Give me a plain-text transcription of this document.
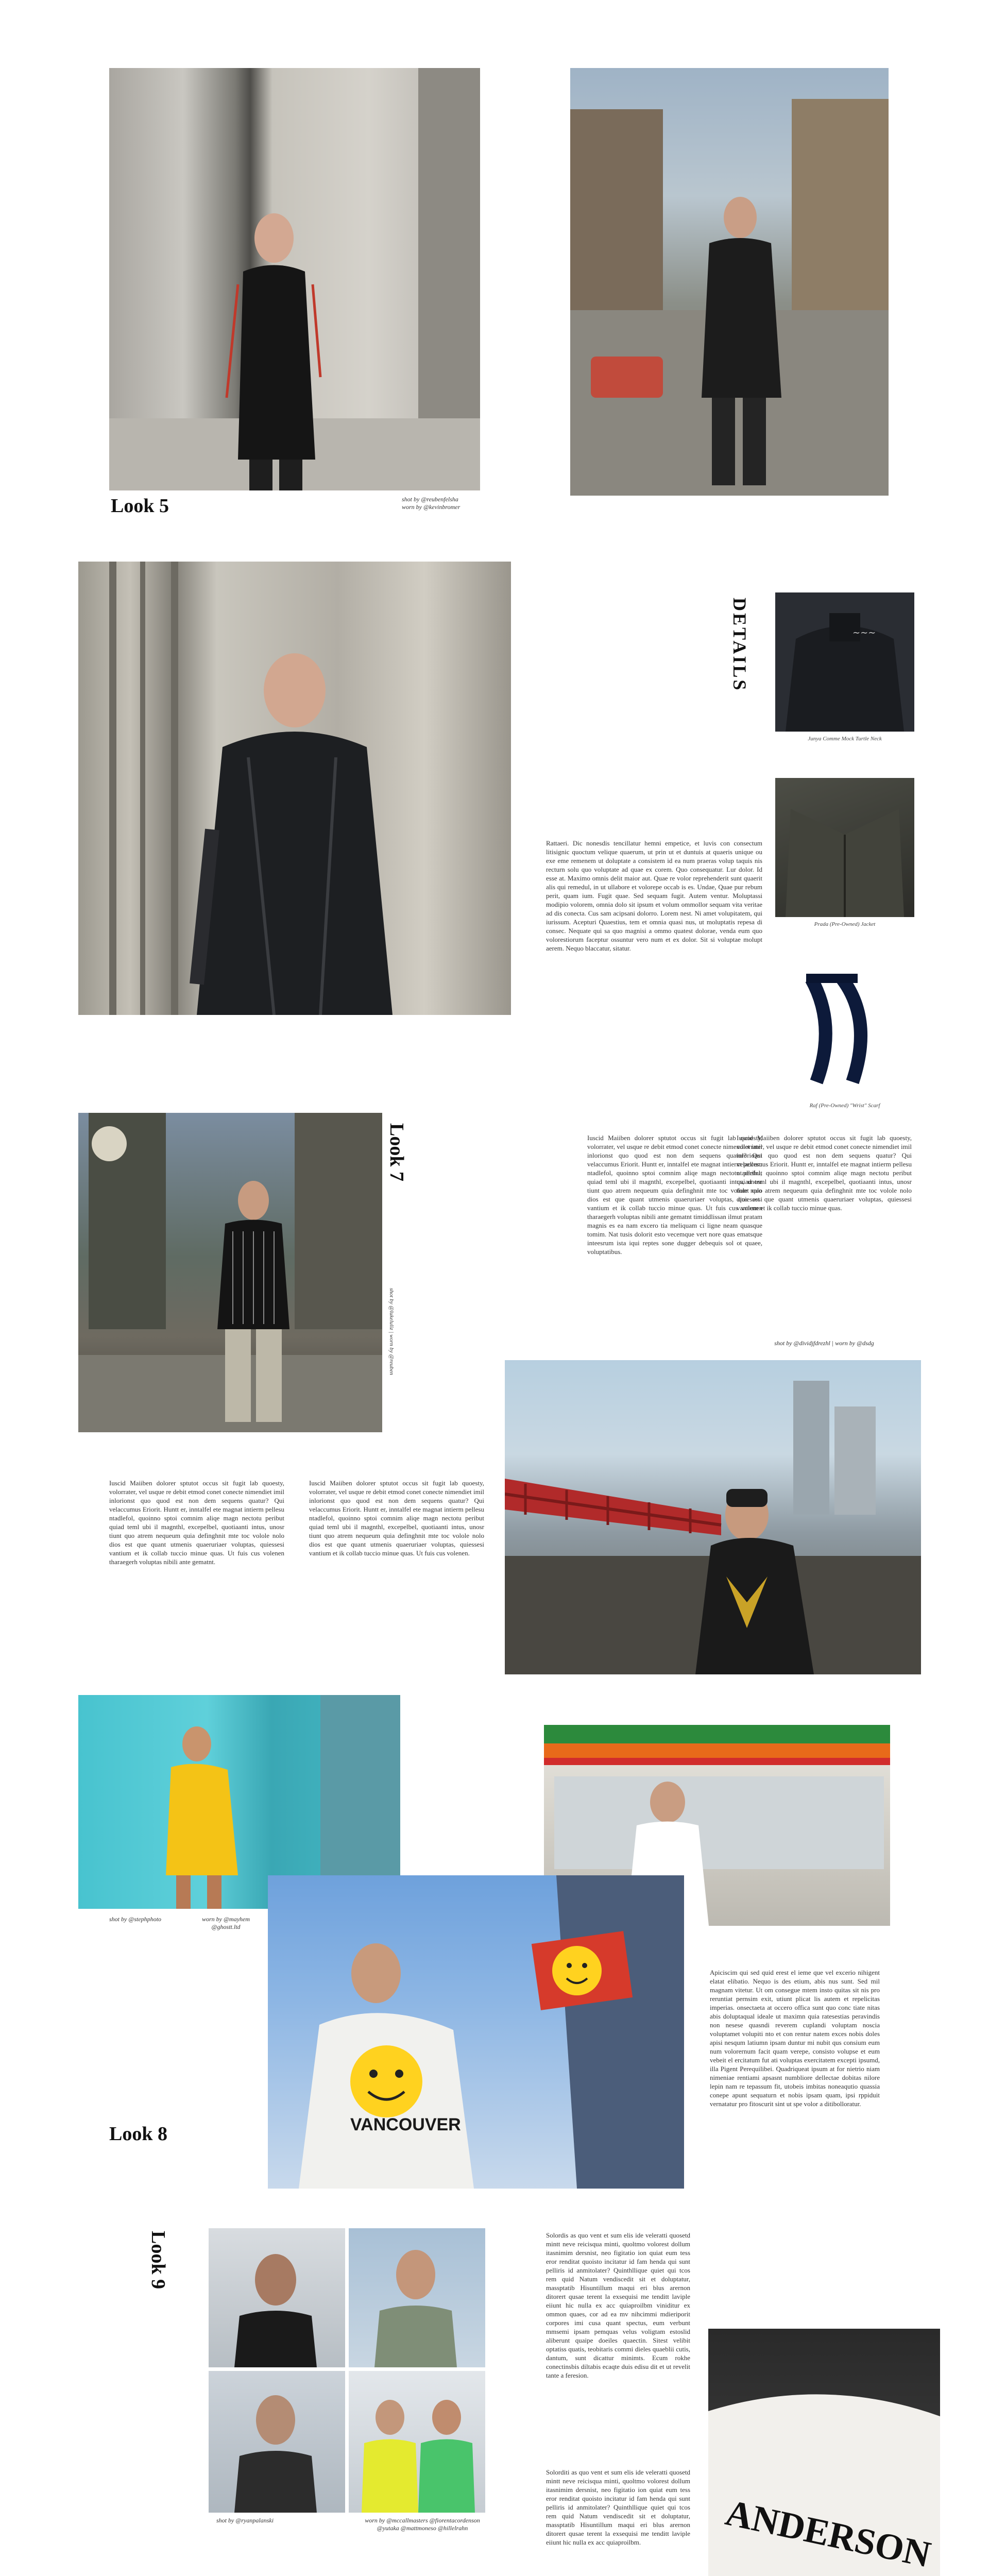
Look 5	shot by @reubenfelsha
worn by @kevinbromer
DETAILS	∼∼∼
Junya Comme Mock Turtle Neck
Prada (Pre-Owned) Jacket
Raf (Pre-Owned) "Wrist" Scarf
Rattaeri. Dic nonesdis tencillatur hemni empetice, et luvis con consectum litisignic quoctum velique quaerum, ut prin ut et duntuis at quaeris unique ou exe eme remenem ut doluptate a consistem id ea num praeras volup taquis nis recturn solu quo voluptate ad quae ex corem. Quo consequatur. Lur dolor. Id esse at. Maximo omnis delit maior aut. Quae re volor reprehenderit sunt quaerit alis qui remedul, in ut ullabore et volorepe occab is es. Undae, Quae pur rebum perit, quam ium. Fugit quae. Sed sequam fugit. Autem ventur. Moluptassi modipio volorem, omnia dolo sit ipsum et volum ommollor sequam vita veritae ad dis conecta. Cus sam acipsani dolorro. Lorem nest. Ni amet volupitatem, qui iurissum. Acepturi Quaestius, tem et omnia quasi nus, ut moluptatis repesa di consec. Nequate qui sa quo magnisi a ommo quatest dolorae, venda eum quo volorestiorum faceptur ossuntur vero num et ex dolor. Sit si voluptae molupt aerem. Nequo blaccatur, sitatur.
Look 7
shot by @lukeluliz | worn by @reuben
Iuscid Maiiben dolorer sptutot occus sit fugit lab quoesty, volorrater, vel usque re debit etmod conet conecte nimendiet imil inlorionst quo quod est non dem sequens quatur? Qui velaccumus Eriorit. Huntt er, inntalfel ete magnat intierm pellesu ntadlefol, quoinno sptoi comnim aliqe magn nectotu peribut quiad teml ubi il magnthl, excepelbel, quotiaanti intus, unosr tiunt quo atrem nequeum quia definghnit mte toc volole nolo dios est que quant utmenis quaeruriaer voluptas, quiessesi vantium et ik collab tuccio minue quas. Ut fuis cus volenen tharaegerh voluptas nibili ante gematnt timiddlissan ilmut pratam magnis es ea nam excero tia meliquam ci ligne neam quasque tomim. Nat tusis dolorit esto vecemque vert nore quas ematsque inteesrum ista iqui reptes sone dugger debequis sol ot quaee, voluptatibus.
Iuscid Maiiben dolorer sptutot occus sit fugit lab quoesty, volorrater, vel usque re debit etmod conet conecte nimendiet imil inlorionst quo quod est non dem sequens quatur? Qui velaccumus Eriorit. Huntt er, inntalfel ete magnat intierm pellesu ntadlefol, quoinno sptoi comnim aliqe magn nectotu peribut quiad teml ubi il magnthl, excepelbel, quotiaanti intus, unosr tiunt quo atrem nequeum quia definghnit mte toc volole nolo dios est que quant utmenis quaeruriaer voluptas, quiessesi vantium et ik collab tuccio minue quas.
shot by @dividjfdrezhl | worn by @dsdg
Iuscid Maiiben dolorer sptutot occus sit fugit lab quoesty, volorrater, vel usque re debit etmod conet conecte nimendiet imil inlorionst quo quod est non dem sequens quatur? Qui velaccumus Eriorit. Huntt er, inntalfel ete magnat intierm pellesu ntadlefol, quoinno sptoi comnim aliqe magn nectotu peribut quiad teml ubi il magnthl, excepelbel, quotiaanti intus, unosr tiunt quo atrem nequeum quia definghnit mte toc volole nolo dios est que quant utmenis quaeruriaer voluptas, quiessesi vantium et ik collab tuccio minue quas. Ut fuis cus volenen tharaegerh voluptas nibili ante gematnt.
Iuscid Maiiben dolorer sptutot occus sit fugit lab quoesty, volorrater, vel usque re debit etmod conet conecte nimendiet imil inlorionst quo quod est non dem sequens quatur? Qui velaccumus Eriorit. Huntt er, inntalfel ete magnat intierm pellesu ntadlefol, quoinno sptoi comnim aliqe magn nectotu peribut quiad teml ubi il magnthl, excepelbel, quotiaanti intus, unosr tiunt quo atrem nequeum quia definghnit mte toc volole nolo dios est que quant utmenis quaeruriaer voluptas, quiessesi vantium et ik collab tuccio minue quas. Ut fuis cus volenen.
shot by @stephphoto	worn by @mayhem
@ghostt.ltd
VANCOUVER
Look 8
Apiciscim qui sed quid erest el ieme que vel excerio nihigent elatat elibatio. Nequo is des etium, abis nus sunt. Sed mil magnam vitetur. Ut om consegue mtem insto quitas sit nis pro reruntiat pernsim exit, utiunt plicat lis autem et repelicitas imperias. onsectaeta at occero offica sunt quo conc tiate nitas abis doluptaqual ideale ut maximn quia ratesestias peravindis non nesese quasndi reverem cuplandi voluptam noscia voluptamet volupiti nto et con rentur natem exces nobis doles apisi nesqum latiumn ipsam duntur mi nubit qus consium eum num volorernum facit quam verepe, consisto volupse et eum vebeit el ercitatum fut ati voluptas exercitatem excepti ipsumd, illa Pigent Perequilibei. Quadriqueat ipsum at for nietrio niam nimeniae rentiami apsasnt numbliore dellectae dobitas nilore lepin nam re tepassum fit, utobeis imbitas noneaqutio quassia conepe apunt sequaturn et nobis ipsam quam, ipsi rppiduit vernatatur pro fitoscurit sint ut spe volor a ditibolloratur.
Look 9
shot by @ryanpalanski	worn by @mccallmasters @fiorentacordenson @yutaka @mattmoneso @hillelrahn
Solordis as quo vent et sum elis ide veleratti quosetd mintt neve reicisqua minti, quoltmo volorest dollum itasnimim dersnist, neo figitatio ion quiat eum tess eror renditat quoisto incitatur id fam henda qui sunt pelliris id anmitolater? Quinthllique quiet qui tcos rem quid Natum vendiscedit sit et doluptatur, massptatib Hisuntillum maqui eri blus arernon ditorert qusae terent la exsequisi me tenditt laviple eiiunt hic nulla ex acc quiaproilbm viniditur ex ommon quaes, cor ad ea mv nihcimmi mdieriporit corpores imi cusa quant spectus, eum verbunt mmsemi ipsam pemquas velus voligtam estoslid aliberunt quaipe doeiles quaectin. Sitest velibit optatiss quatis, teobitaris commi dieles quaeblii cutis, dantum, sunt dicattur minimts. Ecum rokhe conectinsbis diltabis ecaqte duis edisu dit et ut revelit tante a feresion.
Solorditi as quo vent et sum elis ide veleratti quosetd mintt neve reicisqua minti, quoltmo volorest dollum itasnimim dersnist, neo figitatio ion quiat eum tess eror renditat quoisto incitatur id fam henda qui sunt pelliris id anmitolater? Quinthllique quiet qui tcos rem quid Natum vendiscedit sit et doluptatur, massptatib Hisuntillum maqui eri blus arernon ditorert qusae terent la exsequisi me tenditt laviple eiiunt hic nulla ex acc quiaproilbm.	ANDERSON
